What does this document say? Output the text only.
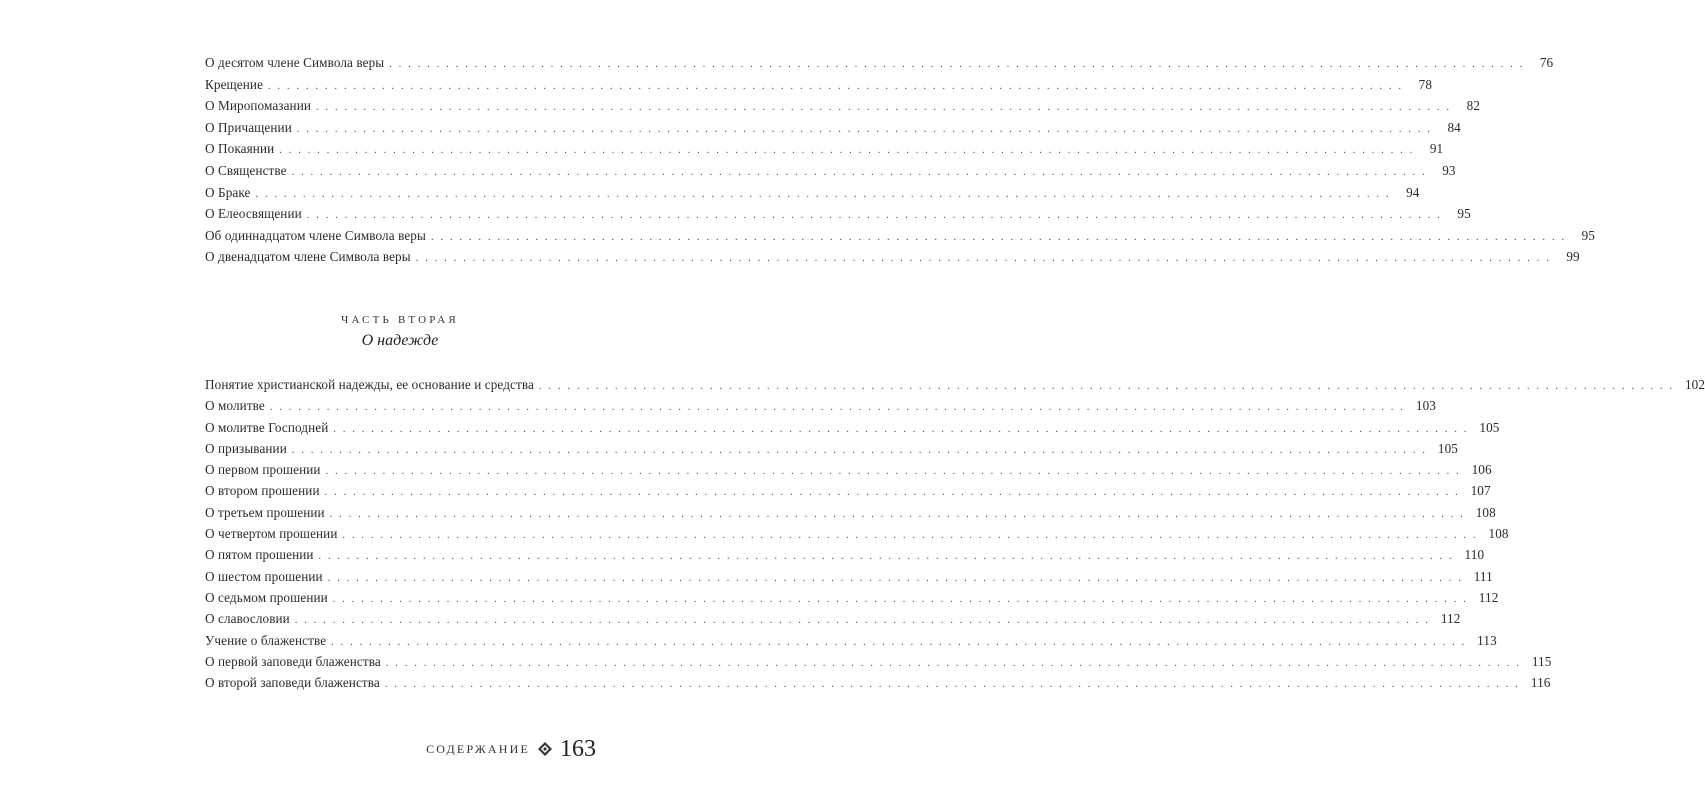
О десятом члене Символа веры ........................................................................................................................ 76
Крещение ........................................................................................................................ 78
О Миропомазании ........................................................................................................................ 82
О Причащении ........................................................................................................................ 84
О Покаянии ........................................................................................................................ 91
О Священстве ........................................................................................................................ 93
О Браке ........................................................................................................................ 94
О Елеосвящении ........................................................................................................................ 95
Об одиннадцатом члене Символа веры ........................................................................................................................ 95
О двенадцатом члене Символа веры ........................................................................................................................ 99
ЧАСТЬ ВТОРАЯ
О надежде
Понятие христианской надежды, ее основание и средства ........................................................................................................................ 102
О молитве ........................................................................................................................ 103
О молитве Господней ........................................................................................................................ 105
О призывании ........................................................................................................................ 105
О первом прошении ........................................................................................................................ 106
О втором прошении ........................................................................................................................ 107
О третьем прошении ........................................................................................................................ 108
О четвертом прошении ........................................................................................................................ 108
О пятом прошении ........................................................................................................................ 110
О шестом прошении ........................................................................................................................ 111
О седьмом прошении ........................................................................................................................ 112
О славословии ........................................................................................................................ 112
Учение о блаженстве ........................................................................................................................ 113
О первой заповеди блаженства ........................................................................................................................ 115
О второй заповеди блаженства ........................................................................................................................ 116
СОДЕРЖАНИЕ 163
